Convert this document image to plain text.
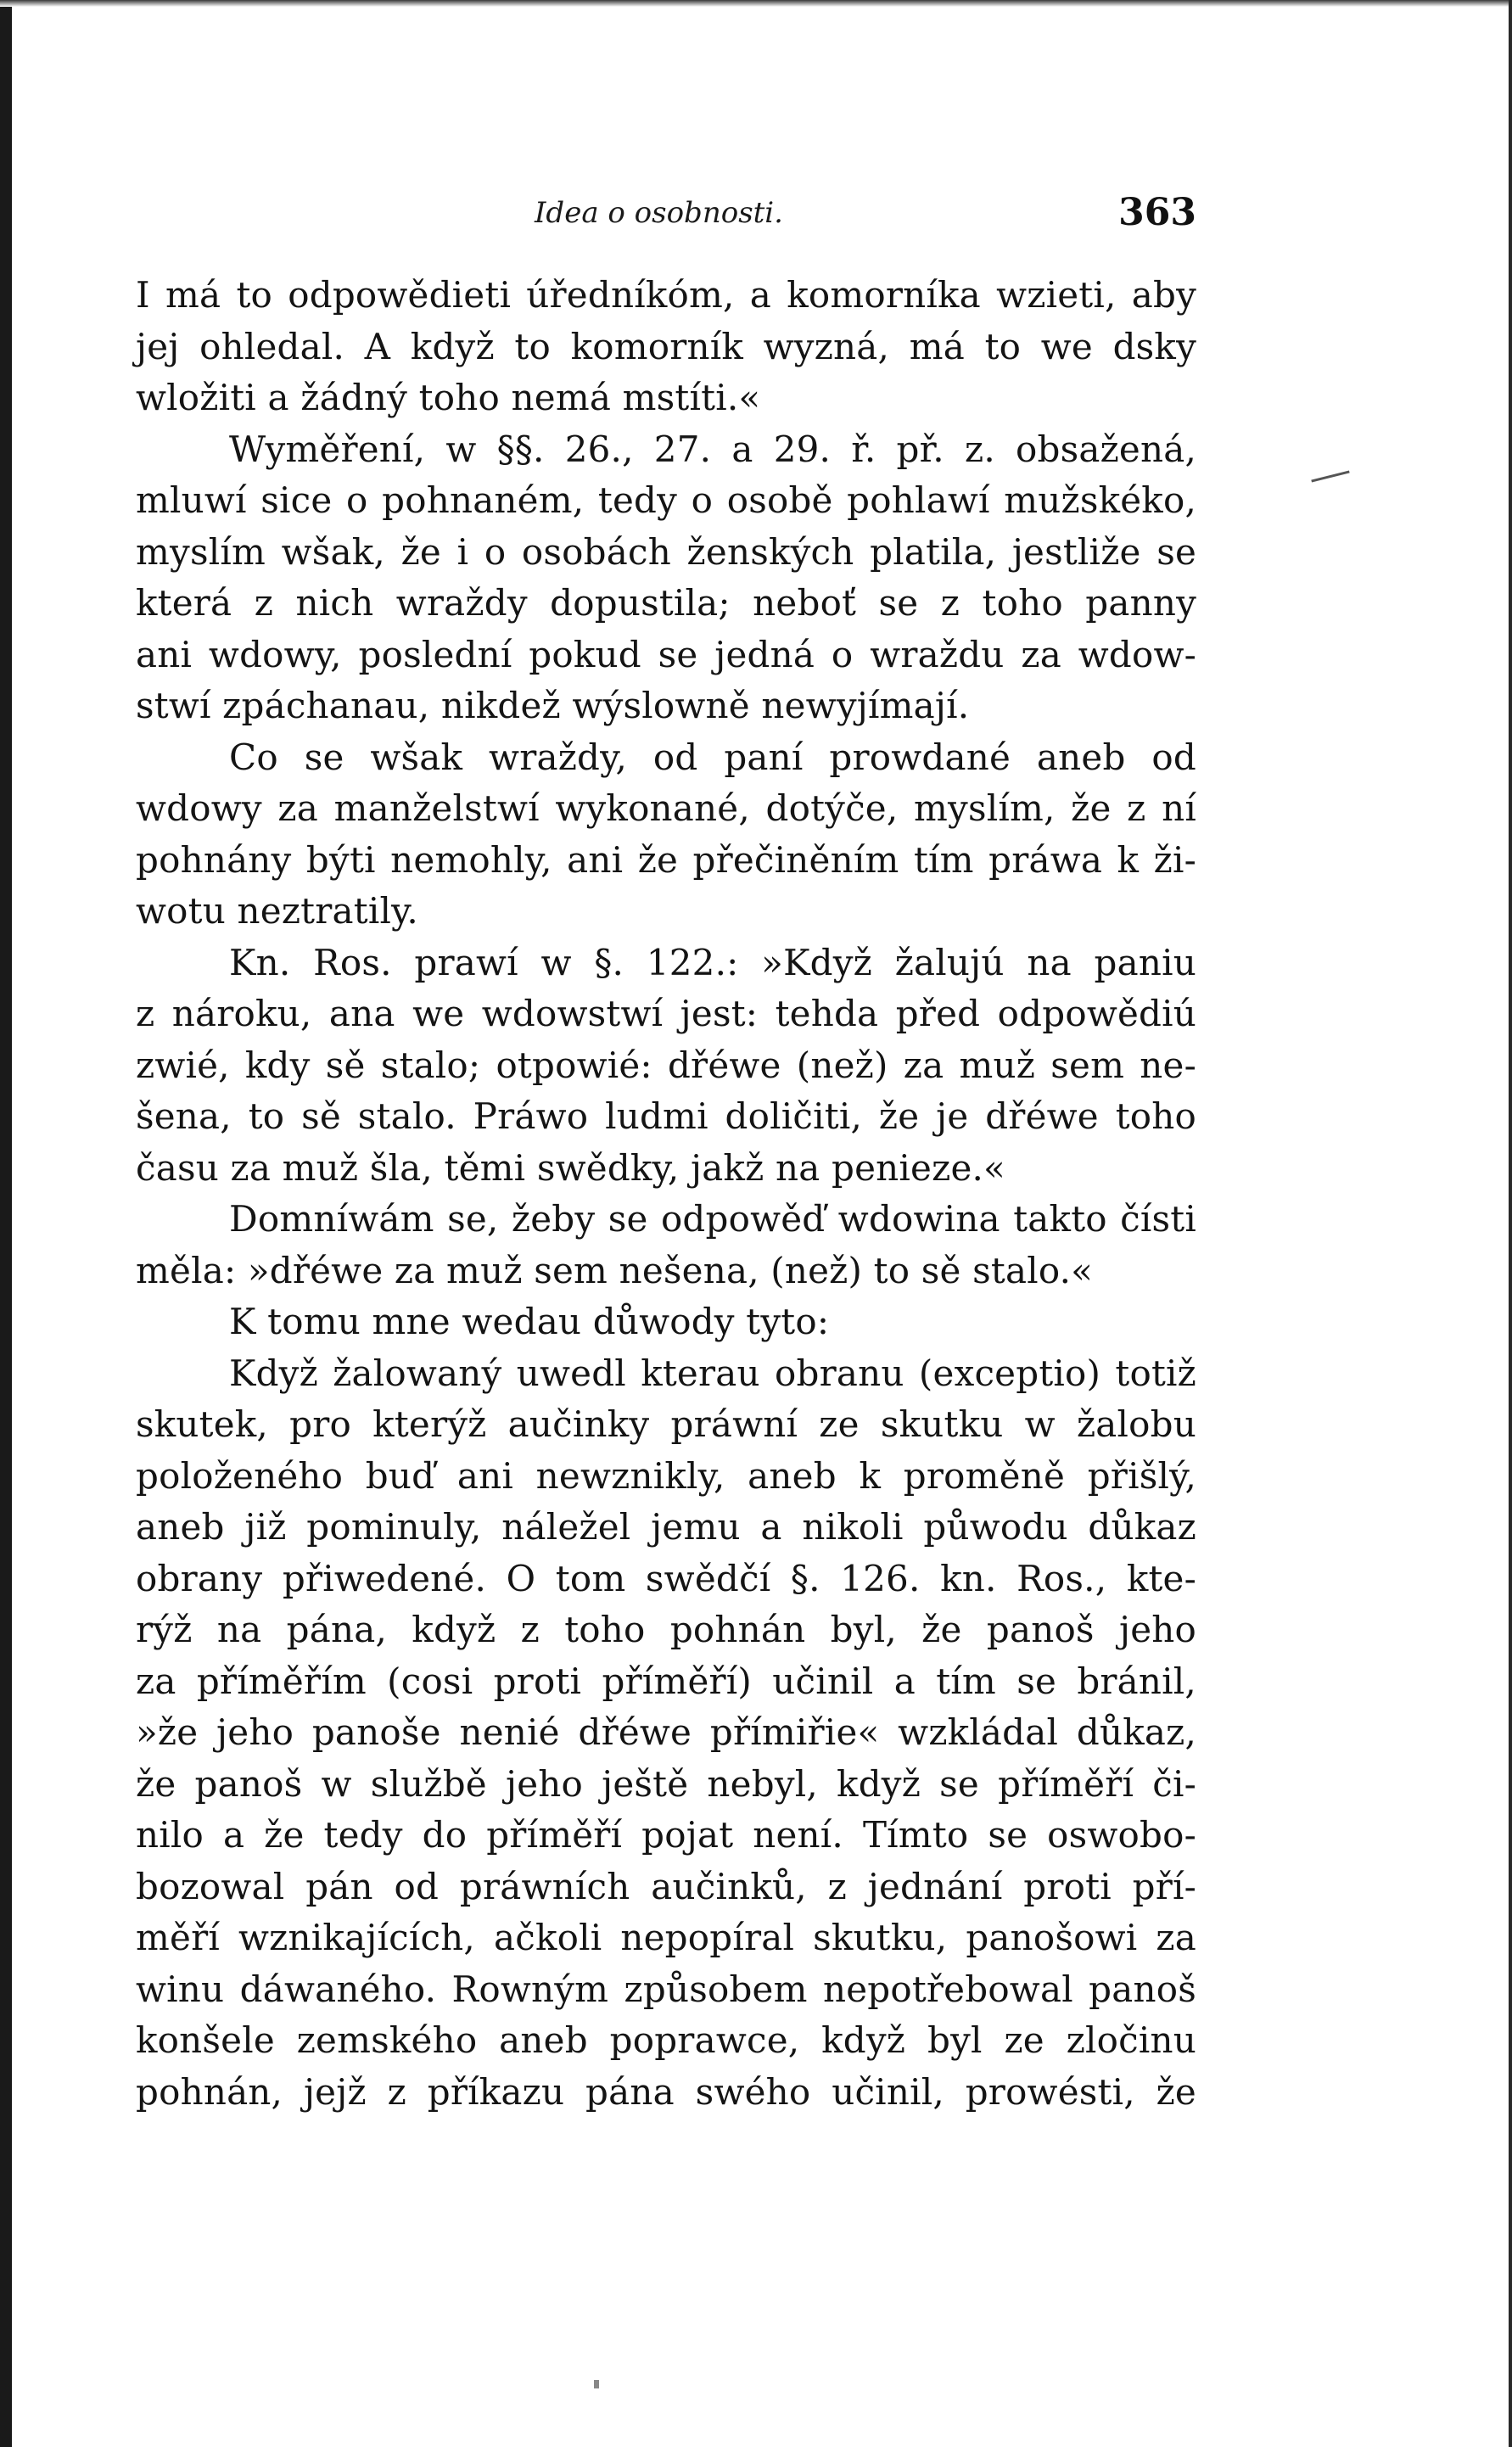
Idea o osobnosti.	363
I má to odpowědieti úředníkóm, a komorníka wzieti, aby
jej ohledal. A když to komorník wyzná, má to we dsky
wložiti a žádný toho nemá mstíti.«
Wyměření, w §§. 26., 27. a 29. ř. př. z. obsažená,
mluwí sice o pohnaném, tedy o osobě pohlawí mužskéko,
myslím wšak, že i o osobách ženských platila, jestliže se
která z nich wraždy dopustila; neboť se z toho panny
ani wdowy, poslední pokud se jedná o wraždu za wdow-
stwí zpáchanau, nikdež wýslowně newyjímají.
Co se wšak wraždy, od paní prowdané aneb od
wdowy za manželstwí wykonané, dotýče, myslím, že z ní
pohnány býti nemohly, ani že přečiněním tím práwa k ži-
wotu neztratily.
Kn. Ros. prawí w §. 122.: »Když žalujú na paniu
z nároku, ana we wdowstwí jest: tehda před odpowědiú
zwié, kdy sě stalo; otpowié: dřéwe (než) za muž sem ne-
šena, to sě stalo. Práwo ludmi doličiti, že je dřéwe toho
času za muž šla, těmi swědky, jakž na penieze.«
Domníwám se, žeby se odpowěď wdowina takto čísti
měla: »dřéwe za muž sem nešena, (než) to sě stalo.«
K tomu mne wedau důwody tyto:
Když žalowaný uwedl kterau obranu (exceptio) totiž
skutek, pro kterýž aučinky práwní ze skutku w žalobu
položeného buď ani newznikly, aneb k proměně přišlý,
aneb již pominuly, náležel jemu a nikoli půwodu důkaz
obrany přiwedené. O tom swědčí §. 126. kn. Ros., kte-
rýž na pána, když z toho pohnán byl, že panoš jeho
za příměřím (cosi proti příměří) učinil a tím se bránil,
»že jeho panoše nenié dřéwe přímiřie« wzkládal důkaz,
že panoš w službě jeho ještě nebyl, když se příměří či-
nilo a že tedy do příměří pojat není. Tímto se oswobo-
bozowal pán od práwních aučinků, z jednání proti pří-
měří wznikajících, ačkoli nepopíral skutku, panošowi za
winu dáwaného. Rowným způsobem nepotřebowal panoš
konšele zemského aneb poprawce, když byl ze zločinu
pohnán, jejž z příkazu pána swého učinil, prowésti, že
